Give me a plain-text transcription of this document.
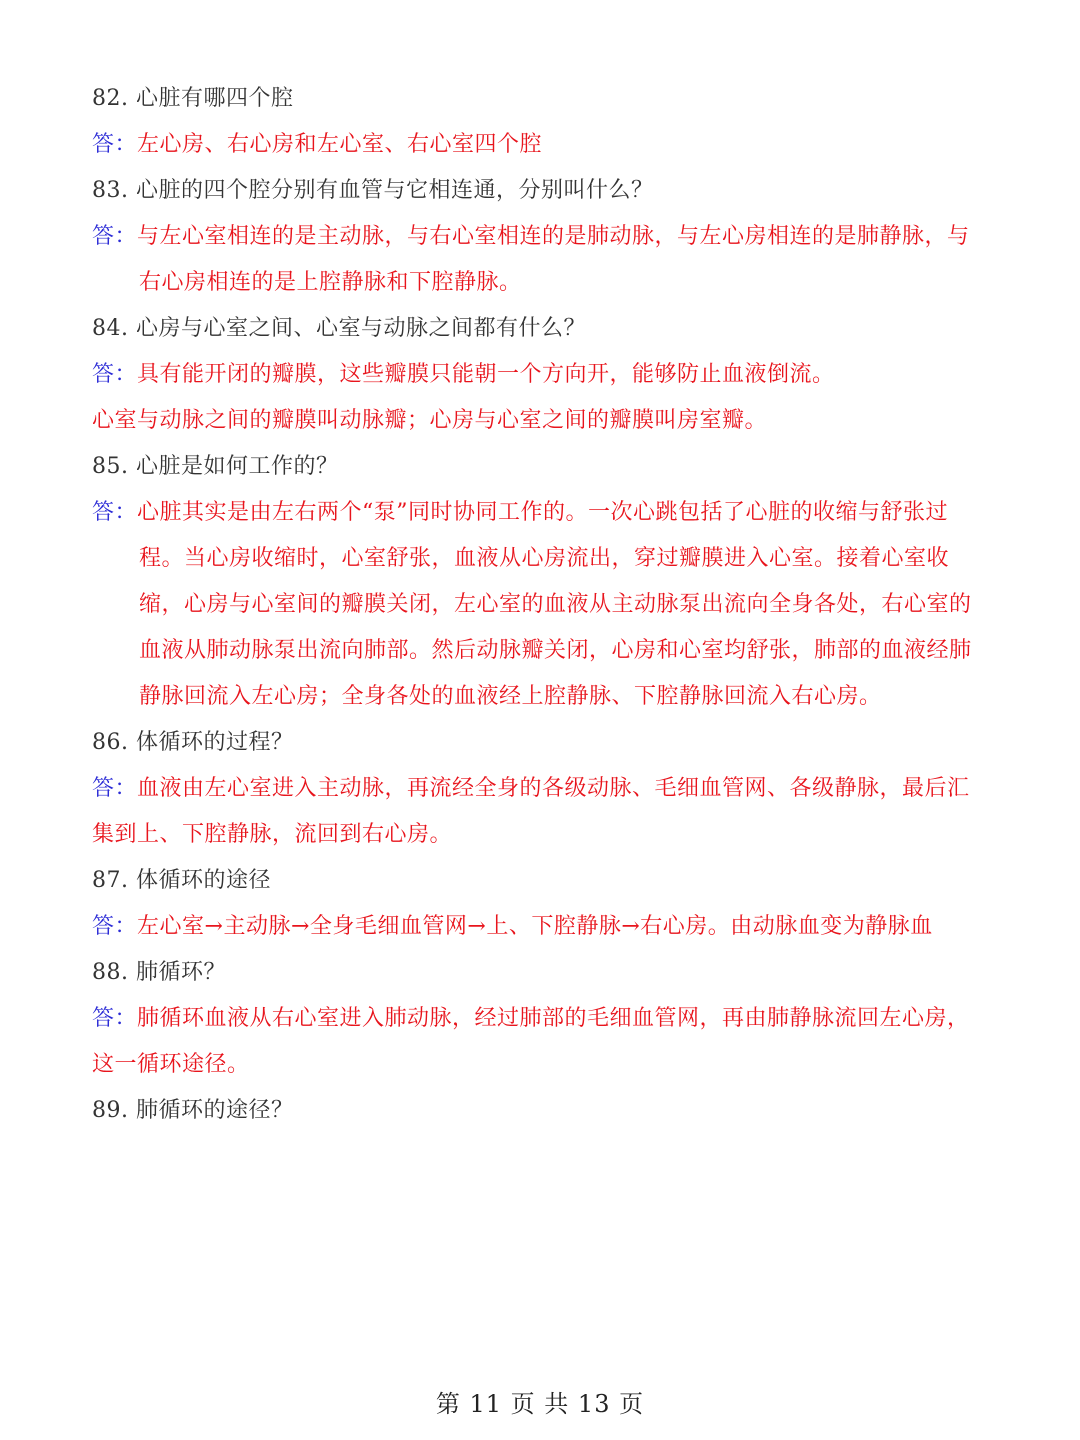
82. 心脏有哪四个腔
答：左心房、右心房和左心室、右心室四个腔
83. 心脏的四个腔分别有血管与它相连通，分别叫什么？
答：与左心室相连的是主动脉，与右心室相连的是肺动脉，与左心房相连的是肺静脉，与右心房相连的是上腔静脉和下腔静脉。
84. 心房与心室之间、心室与动脉之间都有什么？
答：具有能开闭的瓣膜，这些瓣膜只能朝一个方向开，能够防止血液倒流。
心室与动脉之间的瓣膜叫动脉瓣；心房与心室之间的瓣膜叫房室瓣。
85. 心脏是如何工作的？
答：心脏其实是由左右两个“泵”同时协同工作的。一次心跳包括了心脏的收缩与舒张过程。当心房收缩时，心室舒张，血液从心房流出，穿过瓣膜进入心室。接着心室收缩，心房与心室间的瓣膜关闭，左心室的血液从主动脉泵出流向全身各处，右心室的血液从肺动脉泵出流向肺部。然后动脉瓣关闭，心房和心室均舒张，肺部的血液经肺静脉回流入左心房；全身各处的血液经上腔静脉、下腔静脉回流入右心房。
86. 体循环的过程？
答：血液由左心室进入主动脉，再流经全身的各级动脉、毛细血管网、各级静脉，最后汇集到上、下腔静脉，流回到右心房。
87. 体循环的途径
答：左心室→主动脉→全身毛细血管网→上、下腔静脉→右心房。由动脉血变为静脉血
88. 肺循环？
答：肺循环血液从右心室进入肺动脉，经过肺部的毛细血管网，再由肺静脉流回左心房，这一循环途径。
89. 肺循环的途径？
第 11 页 共 13 页
